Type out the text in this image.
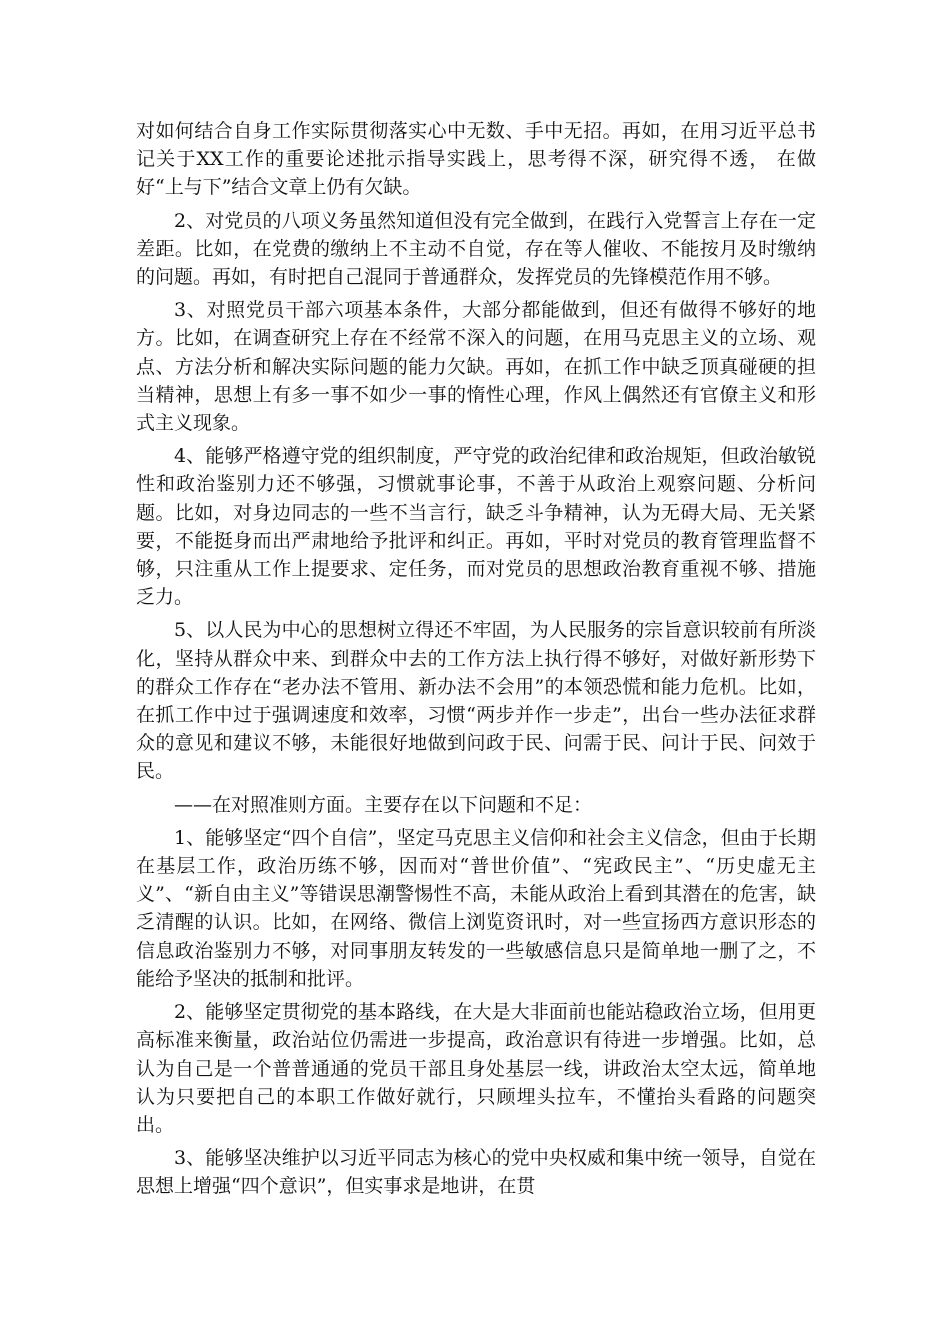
对如何结合自身工作实际贯彻落实心中无数、手中无招。再如，在用习近平总书记关于XX工作的重要论述批示指导实践上，思考得不深，研究得不透， 在做好“上与下”结合文章上仍有欠缺。

2、对党员的八项义务虽然知道但没有完全做到，在践行入党誓言上存在一定差距。比如，在党费的缴纳上不主动不自觉，存在等人催收、不能按月及时缴纳的问题。再如，有时把自己混同于普通群众，发挥党员的先锋模范作用不够。

3、对照党员干部六项基本条件，大部分都能做到，但还有做得不够好的地方。比如，在调查研究上存在不经常不深入的问题，在用马克思主义的立场、观点、方法分析和解决实际问题的能力欠缺。再如，在抓工作中缺乏顶真碰硬的担当精神，思想上有多一事不如少一事的惰性心理，作风上偶然还有官僚主义和形式主义现象。

4、能够严格遵守党的组织制度，严守党的政治纪律和政治规矩，但政治敏锐性和政治鉴别力还不够强，习惯就事论事，不善于从政治上观察问题、分析问题。比如，对身边同志的一些不当言行，缺乏斗争精神，认为无碍大局、无关紧要，不能挺身而出严肃地给予批评和纠正。再如，平时对党员的教育管理监督不够，只注重从工作上提要求、定任务，而对党员的思想政治教育重视不够、措施乏力。

5、以人民为中心的思想树立得还不牢固，为人民服务的宗旨意识较前有所淡化，坚持从群众中来、到群众中去的工作方法上执行得不够好，对做好新形势下的群众工作存在“老办法不管用、新办法不会用”的本领恐慌和能力危机。比如，在抓工作中过于强调速度和效率，习惯“两步并作一步走”，出台一些办法征求群众的意见和建议不够，未能很好地做到问政于民、问需于民、问计于民、问效于民。

——在对照准则方面。主要存在以下问题和不足：

1、能够坚定“四个自信”，坚定马克思主义信仰和社会主义信念，但由于长期在基层工作，政治历练不够，因而对“普世价值”、“宪政民主”、“历史虚无主义”、“新自由主义”等错误思潮警惕性不高，未能从政治上看到其潜在的危害，缺乏清醒的认识。比如，在网络、微信上浏览资讯时，对一些宣扬西方意识形态的信息政治鉴别力不够，对同事朋友转发的一些敏感信息只是简单地一删了之，不能给予坚决的抵制和批评。

2、能够坚定贯彻党的基本路线，在大是大非面前也能站稳政治立场，但用更高标准来衡量，政治站位仍需进一步提高，政治意识有待进一步增强。比如，总认为自己是一个普普通通的党员干部且身处基层一线，讲政治太空太远，简单地认为只要把自己的本职工作做好就行，只顾埋头拉车，不懂抬头看路的问题突出。

3、能够坚决维护以习近平同志为核心的党中央权威和集中统一领导，自觉在思想上增强“四个意识”，但实事求是地讲，在贯
